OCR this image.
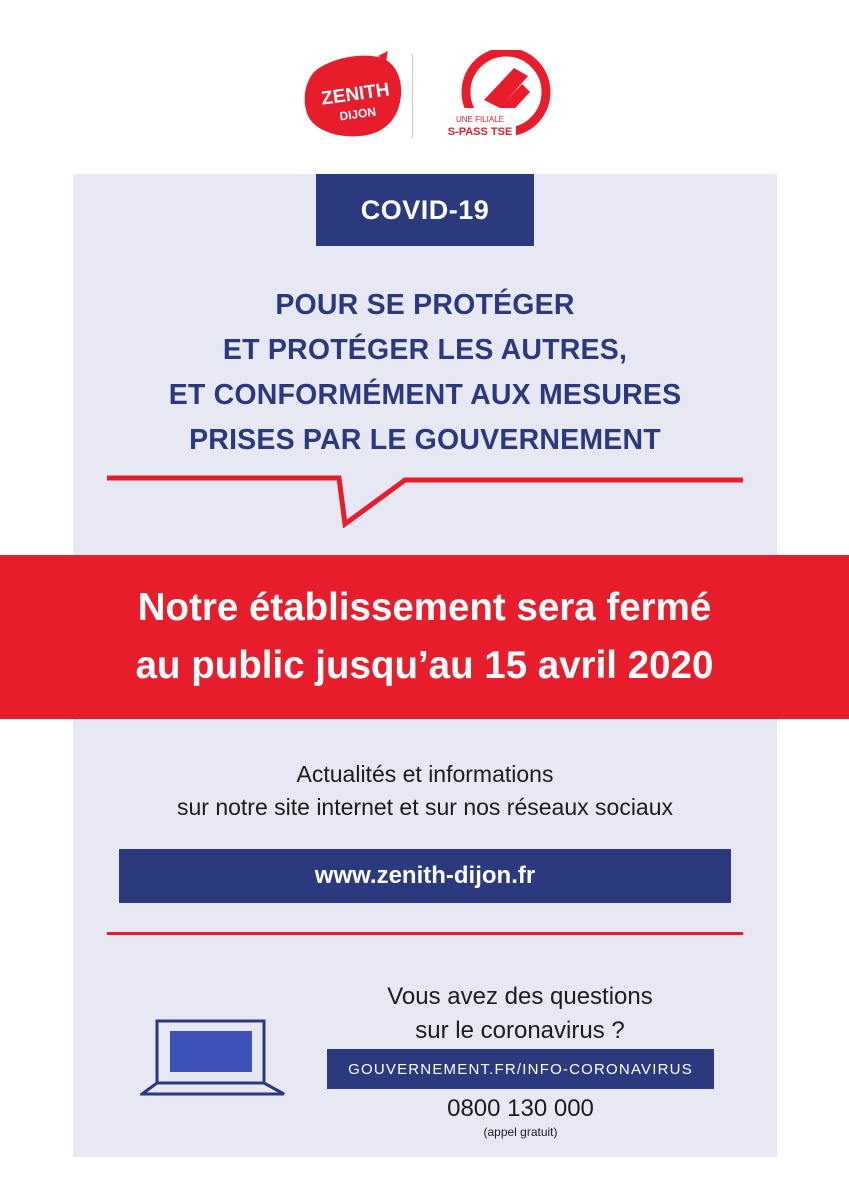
ZENITH
DIJON	UNE FILIALE
S-PASS TSE
COVID-19
POUR SE PROTÉGER
ET PROTÉGER LES AUTRES,
ET CONFORMÉMENT AUX MESURES
PRISES PAR LE GOUVERNEMENT
Notre établissement sera fermé
au public jusqu’au 15 avril 2020
Actualités et informations
sur notre site internet et sur nos réseaux sociaux
www.zenith-dijon.fr
Vous avez des questions
sur le coronavirus ?
GOUVERNEMENT.FR/INFO-CORONAVIRUS
0800 130 000
(appel gratuit)
